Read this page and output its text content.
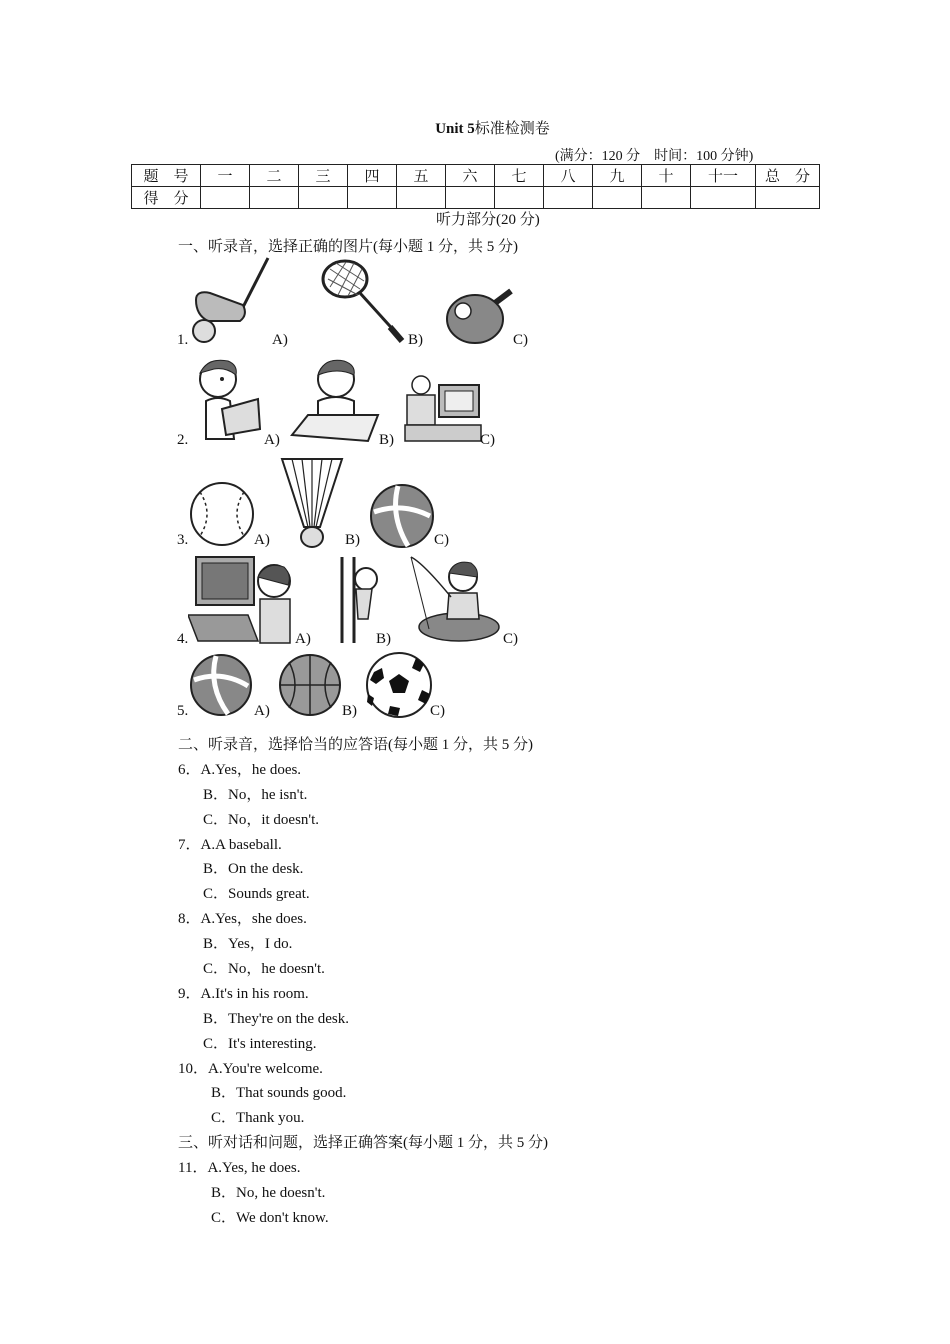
Unit 5标准检测卷
(满分：120 分　时间：100 分钟)
题　号	一	二	三	四	五	六	七	八	九	十	十一	总　分
得　分												
听力部分(20 分)
一、听录音，选择正确的图片(每小题 1 分，共 5 分)
1.	A)	B)	C)
2.	A)	B)	C)
3.	A)	B)	C)
4.	A)	B)	C)
5.	A)	B)	C)
二、听录音，选择恰当的应答语(每小题 1 分，共 5 分)
6．A.Yes，he does.
B．No，he isn't.
C．No，it doesn't.
7．A.A baseball.
B．On the desk.
C．Sounds great.
8．A.Yes，she does.
B．Yes，I do.
C．No，he doesn't.
9．A.It's in his room.
B．They're on the desk.
C．It's interesting.
10．A.You're welcome.
B．That sounds good.
C．Thank you.
三、听对话和问题，选择正确答案(每小题 1 分，共 5 分)
11．A.Yes, he does.
B．No, he doesn't.
C．We don't know.
